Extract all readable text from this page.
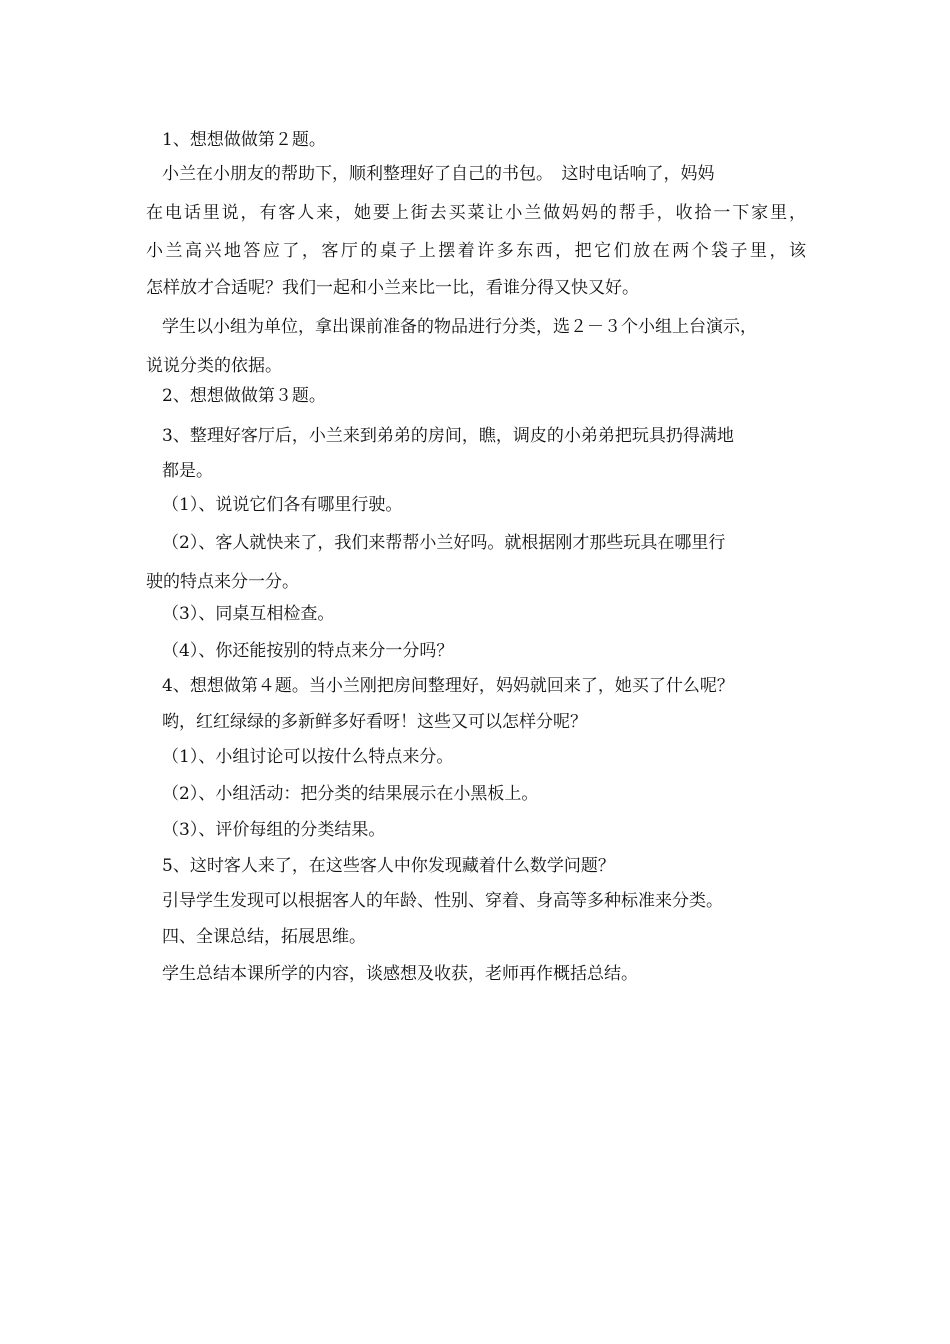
1、想想做做第２题。

小兰在小朋友的帮助下，顺利整理好了自己的书包。　这时电话响了，妈妈

在电话里说，有客人来，她要上街去买菜让小兰做妈妈的帮手，收拾一下家里，

小兰高兴地答应了，客厅的桌子上摆着许多东西，把它们放在两个袋子里，该

怎样放才合适呢？我们一起和小兰来比一比，看谁分得又快又好。

学生以小组为单位，拿出课前准备的物品进行分类，选２－３个小组上台演示，

说说分类的依据。

2、想想做做第３题。

3、整理好客厅后，小兰来到弟弟的房间，瞧，调皮的小弟弟把玩具扔得满地

都是。

（1）、说说它们各有哪里行驶。

（2）、客人就快来了，我们来帮帮小兰好吗。就根据刚才那些玩具在哪里行

驶的特点来分一分。

（3）、同桌互相检查。

（4）、你还能按别的特点来分一分吗？

4、想想做第４题。当小兰刚把房间整理好，妈妈就回来了，她买了什么呢？

哟，红红绿绿的多新鲜多好看呀！这些又可以怎样分呢？

（1）、小组讨论可以按什么特点来分。

（2）、小组活动：把分类的结果展示在小黑板上。

（3）、评价每组的分类结果。

5、这时客人来了，在这些客人中你发现藏着什么数学问题？

引导学生发现可以根据客人的年龄、性别、穿着、身高等多种标准来分类。

四、全课总结，拓展思维。

学生总结本课所学的内容，谈感想及收获，老师再作概括总结。
